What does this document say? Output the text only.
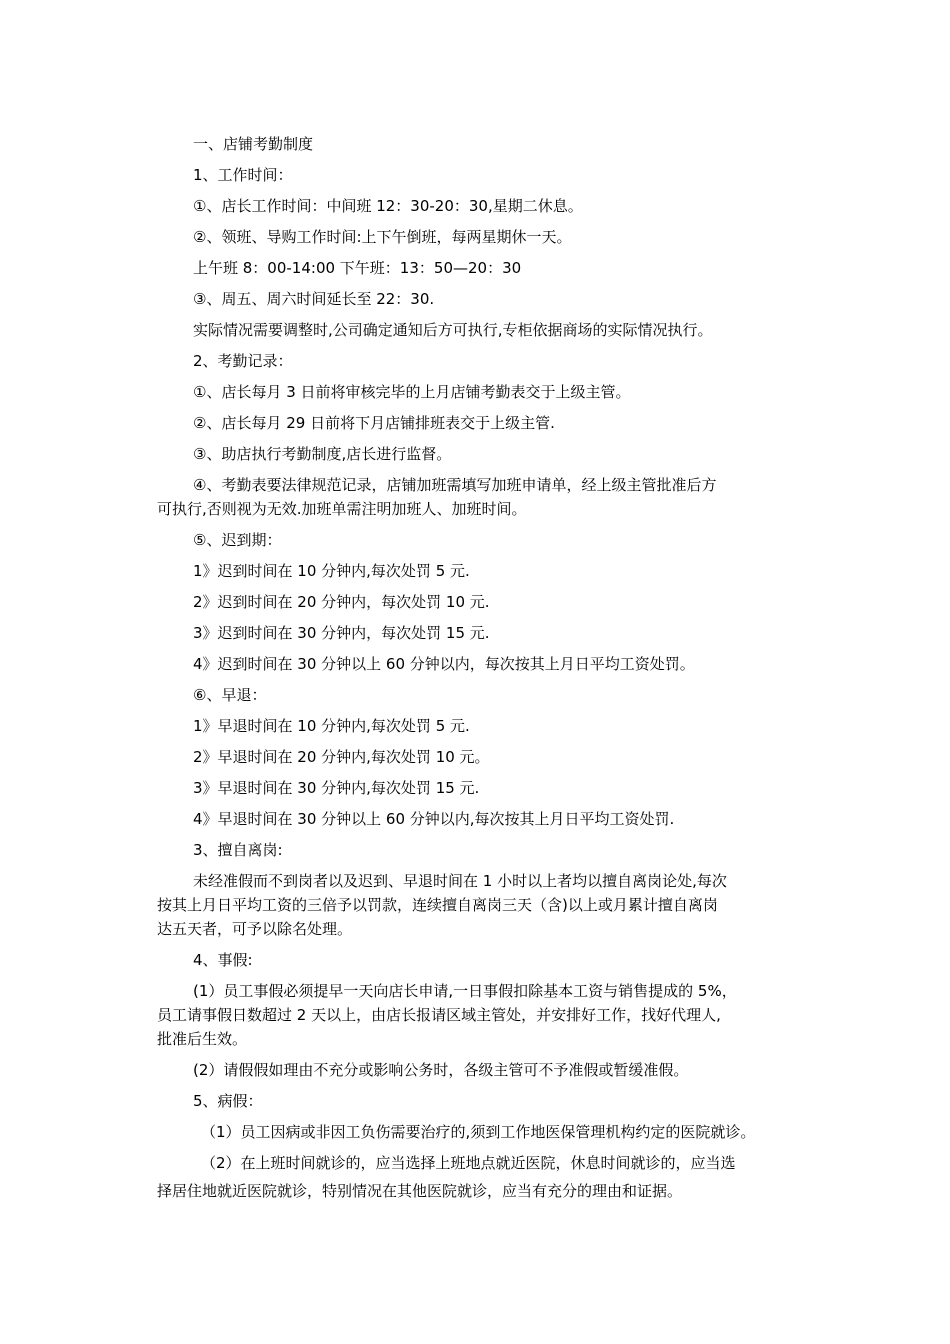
一、店铺考勤制度
1、工作时间：
①、店长工作时间：中间班 12：30-20：30,星期二休息。
②、领班、导购工作时间:上下午倒班，每两星期休一天。
上午班 8：00-14:00 下午班：13：50—20：30
③、周五、周六时间延长至 22：30.
实际情况需要调整时,公司确定通知后方可执行,专柜依据商场的实际情况执行。
2、考勤记录：
①、店长每月 3 日前将审核完毕的上月店铺考勤表交于上级主管。
②、店长每月 29 日前将下月店铺排班表交于上级主管.
③、助店执行考勤制度,店长进行监督。
④、考勤表要法律规范记录，店铺加班需填写加班申请单，经上级主管批准后方
可执行,否则视为无效.加班单需注明加班人、加班时间。
⑤、迟到期：
1》迟到时间在 10 分钟内,每次处罚 5 元.
2》迟到时间在 20 分钟内，每次处罚 10 元.
3》迟到时间在 30 分钟内，每次处罚 15 元.
4》迟到时间在 30 分钟以上 60 分钟以内，每次按其上月日平均工资处罚。
⑥、早退：
1》早退时间在 10 分钟内,每次处罚 5 元.
2》早退时间在 20 分钟内,每次处罚 10 元。
3》早退时间在 30 分钟内,每次处罚 15 元.
4》早退时间在 30 分钟以上 60 分钟以内,每次按其上月日平均工资处罚.
3、擅自离岗:
未经准假而不到岗者以及迟到、早退时间在 1 小时以上者均以擅自离岗论处,每次
按其上月日平均工资的三倍予以罚款，连续擅自离岗三天（含)以上或月累计擅自离岗
达五天者，可予以除名处理。
4、事假:
(1）员工事假必须提早一天向店长申请,一日事假扣除基本工资与销售提成的 5%，
员工请事假日数超过 2 天以上，由店长报请区域主管处，并安排好工作，找好代理人,
批准后生效。
(2）请假假如理由不充分或影响公务时，各级主管可不予准假或暂缓准假。
5、病假：
（1）员工因病或非因工负伤需要治疗的,须到工作地医保管理机构约定的医院就诊。
（2）在上班时间就诊的，应当选择上班地点就近医院，休息时间就诊的，应当选
择居住地就近医院就诊，特别情况在其他医院就诊，应当有充分的理由和证据。
